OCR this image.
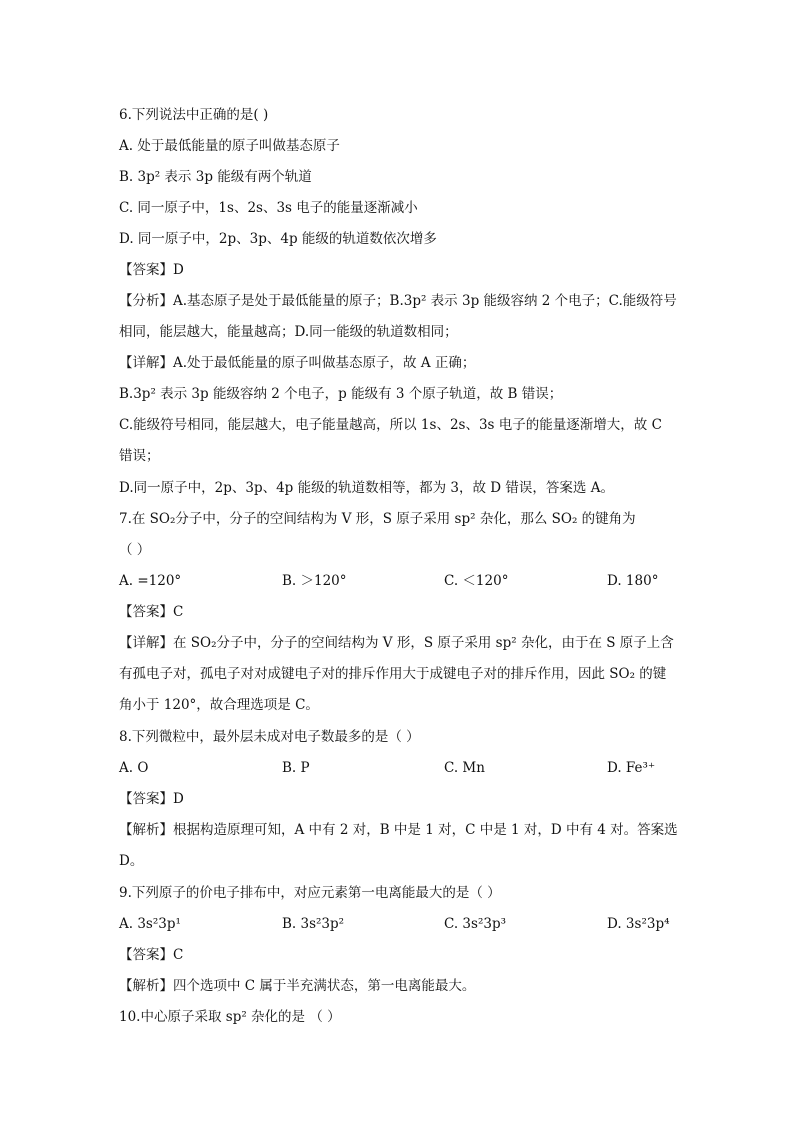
6.下列说法中正确的是( )
A. 处于最低能量的原子叫做基态原子
B. 3p² 表示 3p 能级有两个轨道
C. 同一原子中，1s、2s、3s 电子的能量逐渐减小
D. 同一原子中，2p、3p、4p 能级的轨道数依次增多
【答案】D
【分析】A.基态原子是处于最低能量的原子；B.3p² 表示 3p 能级容纳 2 个电子；C.能级符号
相同，能层越大，能量越高；D.同一能级的轨道数相同；
【详解】A.处于最低能量的原子叫做基态原子，故 A 正确；
B.3p² 表示 3p 能级容纳 2 个电子，p 能级有 3 个原子轨道，故 B 错误；
C.能级符号相同，能层越大，电子能量越高，所以 1s、2s、3s 电子的能量逐渐增大，故 C
错误；
D.同一原子中，2p、3p、4p 能级的轨道数相等，都为 3，故 D 错误，答案选 A。
7.在 SO₂分子中，分子的空间结构为 V 形，S 原子采用 sp² 杂化，那么 SO₂ 的键角为
（ ）
A. =120°	B. ＞120°	C. ＜120°	D. 180°
【答案】C
【详解】在 SO₂分子中，分子的空间结构为 V 形，S 原子采用 sp² 杂化，由于在 S 原子上含
有孤电子对，孤电子对对成键电子对的排斥作用大于成键电子对的排斥作用，因此 SO₂ 的键
角小于 120°，故合理选项是 C。
8.下列微粒中，最外层未成对电子数最多的是（ ）
A. O	B. P	C. Mn	D. Fe³⁺
【答案】D
【解析】根据构造原理可知，A 中有 2 对，B 中是 1 对，C 中是 1 对，D 中有 4 对。答案选
D。
9.下列原子的价电子排布中，对应元素第一电离能最大的是（ ）
A. 3s²3p¹	B. 3s²3p²	C. 3s²3p³	D. 3s²3p⁴
【答案】C
【解析】四个选项中 C 属于半充满状态，第一电离能最大。
10.中心原子采取 sp² 杂化的是 （ ）
